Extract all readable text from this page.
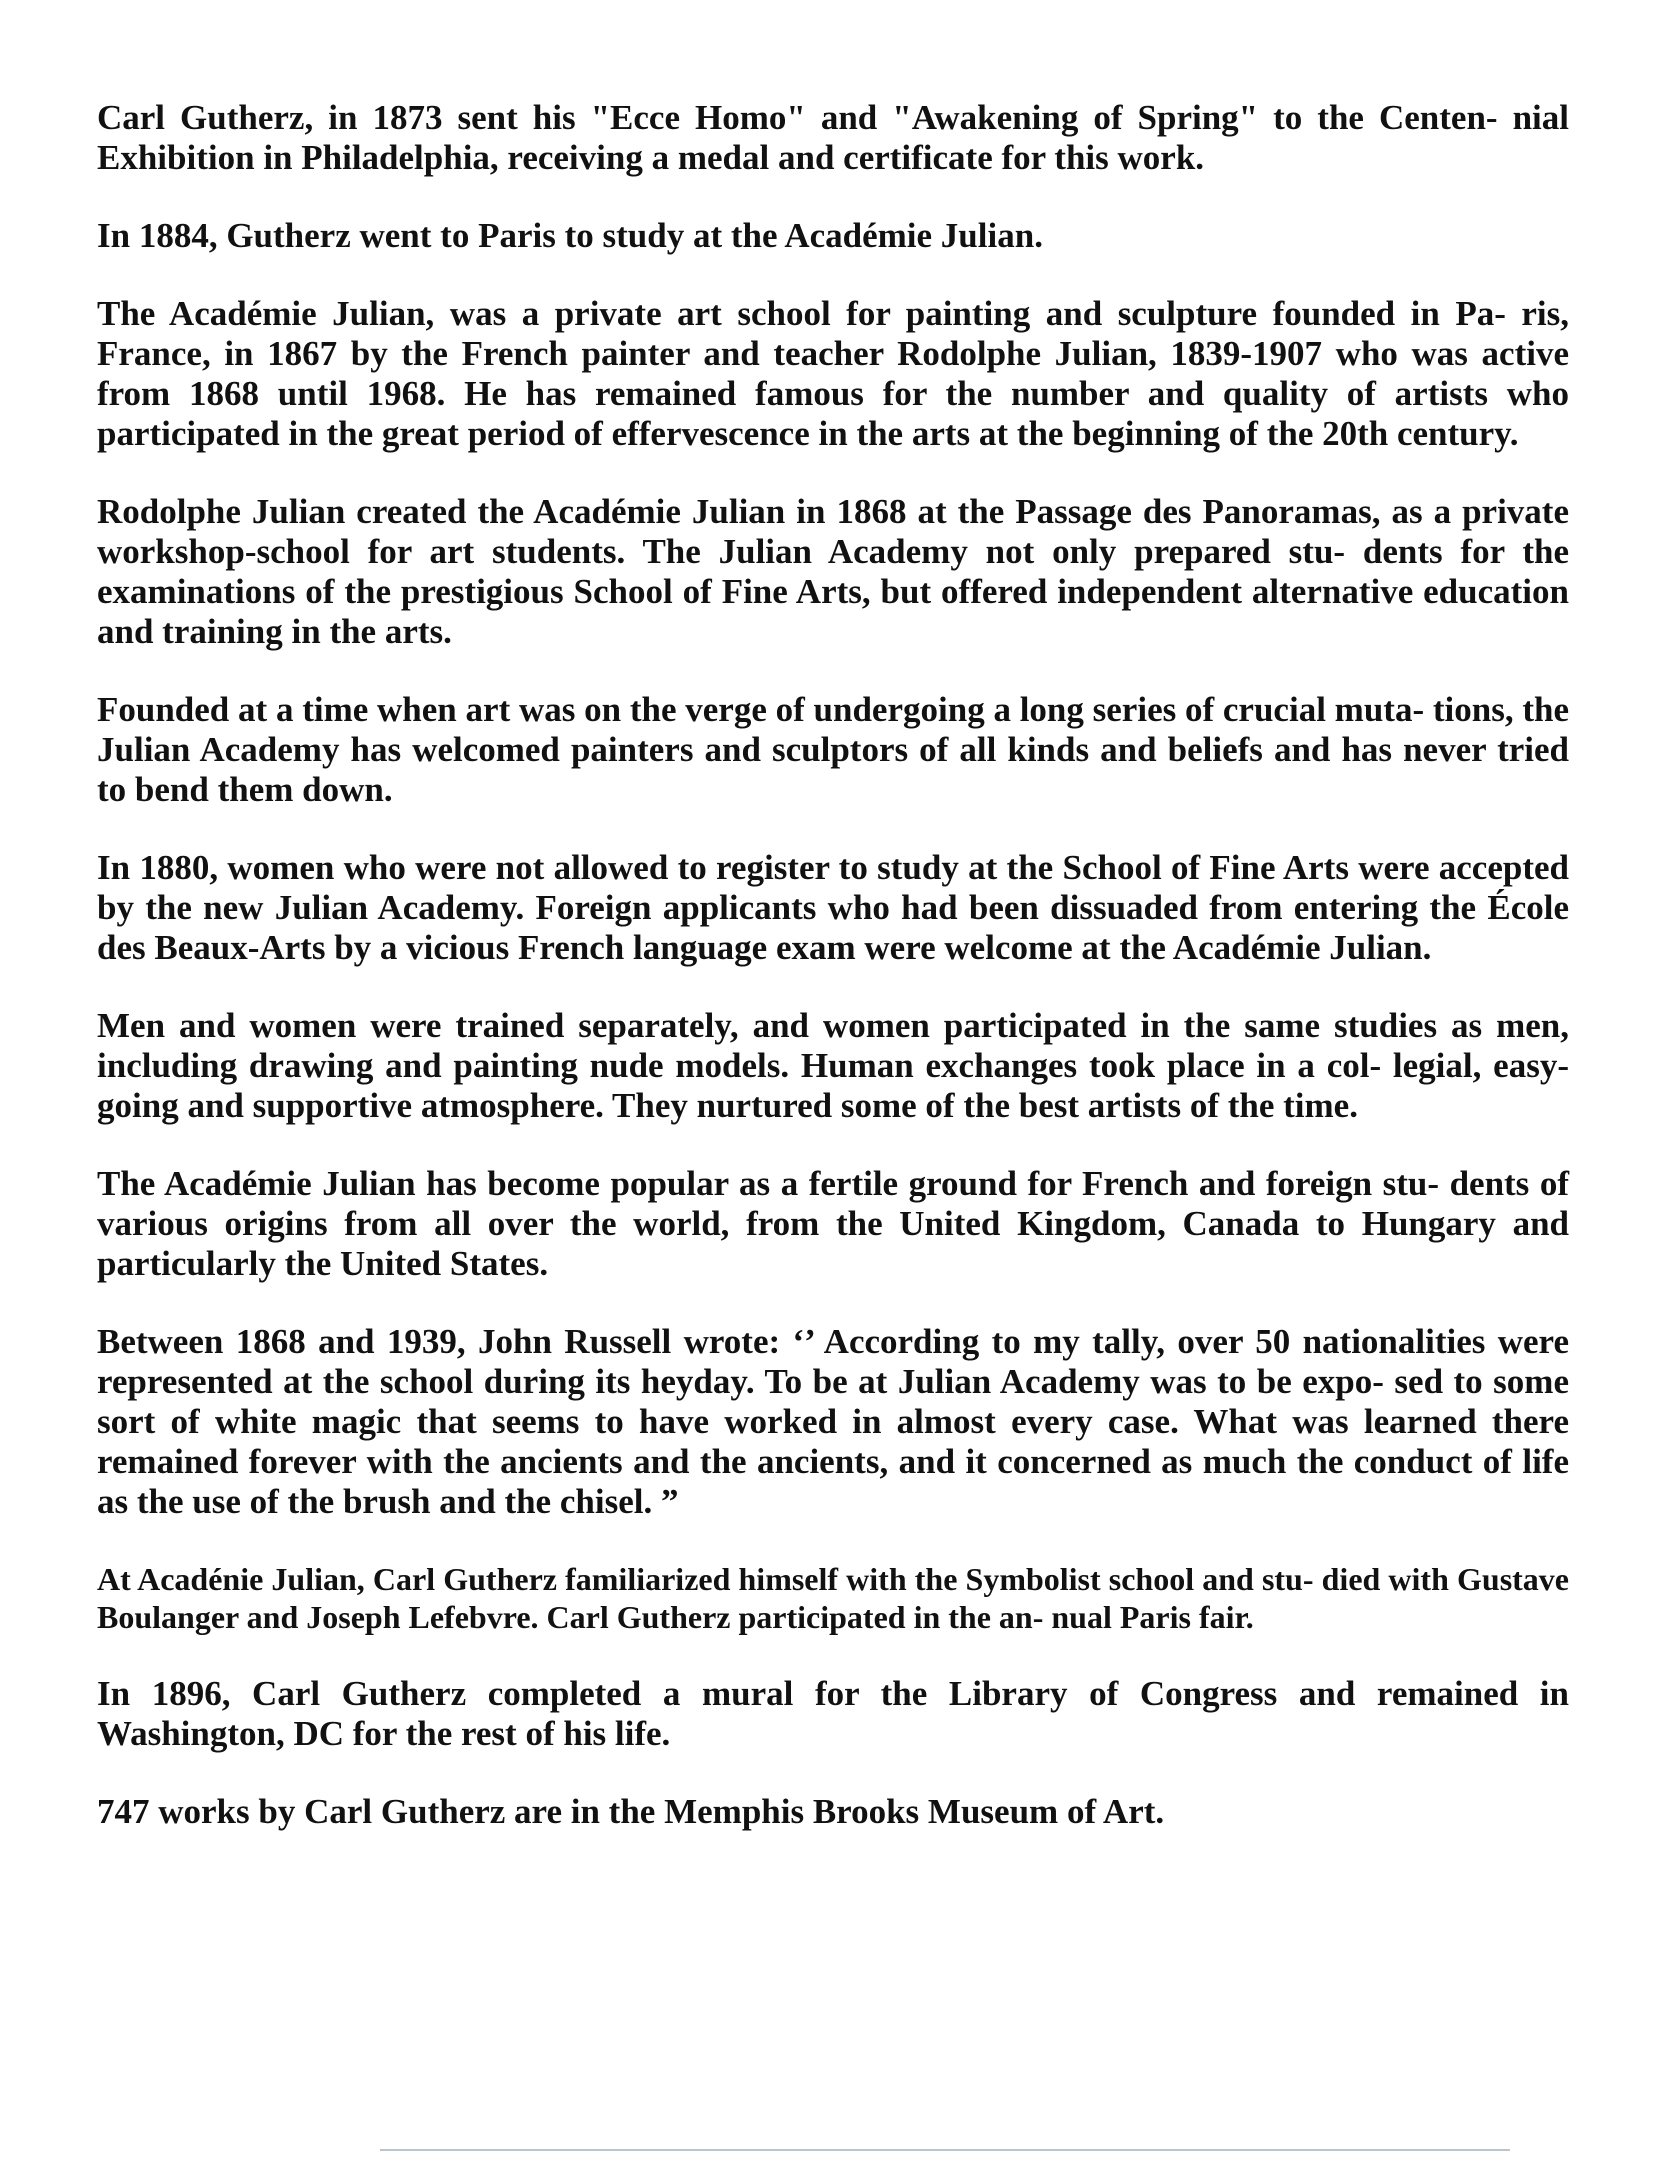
Carl Gutherz, in 1873 sent his "Ecce Homo" and "Awakening of Spring" to the Centen- nial Exhibition in Philadelphia, receiving a medal and certificate for this work.

In 1884, Gutherz went to Paris to study at the Académie Julian.

The Académie Julian, was a private art school for painting and sculpture founded in Pa- ris, France, in 1867 by the French painter and teacher Rodolphe Julian, 1839-1907 who was active from 1868 until 1968. He has remained famous for the number and quality of artists who participated in the great period of effervescence in the arts at the beginning of the 20th century.

Rodolphe Julian created the Académie Julian in 1868 at the Passage des Panoramas, as a private workshop-school for art students. The Julian Academy not only prepared stu- dents for the examinations of the prestigious School of Fine Arts, but offered independent alternative education and training in the arts.

Founded at a time when art was on the verge of undergoing a long series of crucial muta- tions, the Julian Academy has welcomed painters and sculptors of all kinds and beliefs and has never tried to bend them down.

In 1880, women who were not allowed to register to study at the School of Fine Arts were accepted by the new Julian Academy. Foreign applicants who had been dissuaded from entering the École des Beaux-Arts by a vicious French language exam were welcome at the Académie Julian.

Men and women were trained separately, and women participated in the same studies as men, including drawing and painting nude models. Human exchanges took place in a col- legial, easy-going and supportive atmosphere. They nurtured some of the best artists of the time.

The Académie Julian has become popular as a fertile ground for French and foreign stu- dents of various origins from all over the world, from the United Kingdom, Canada to Hungary and particularly the United States.

Between 1868 and 1939, John Russell wrote: ‘’ According to my tally, over 50 nationalities were represented at the school during its heyday. To be at Julian Academy was to be expo- sed to some sort of white magic that seems to have worked in almost every case. What was learned there remained forever with the ancients and the ancients, and it concerned as much the conduct of life as the use of the brush and the chisel. ”

At Acadénie Julian, Carl Gutherz familiarized himself with the Symbolist school and stu- died with Gustave Boulanger and Joseph Lefebvre. Carl Gutherz participated in the an- nual Paris fair.

In 1896, Carl Gutherz completed a mural for the Library of Congress and remained in Washington, DC for the rest of his life.

747 works by Carl Gutherz are in the Memphis Brooks Museum of Art.
